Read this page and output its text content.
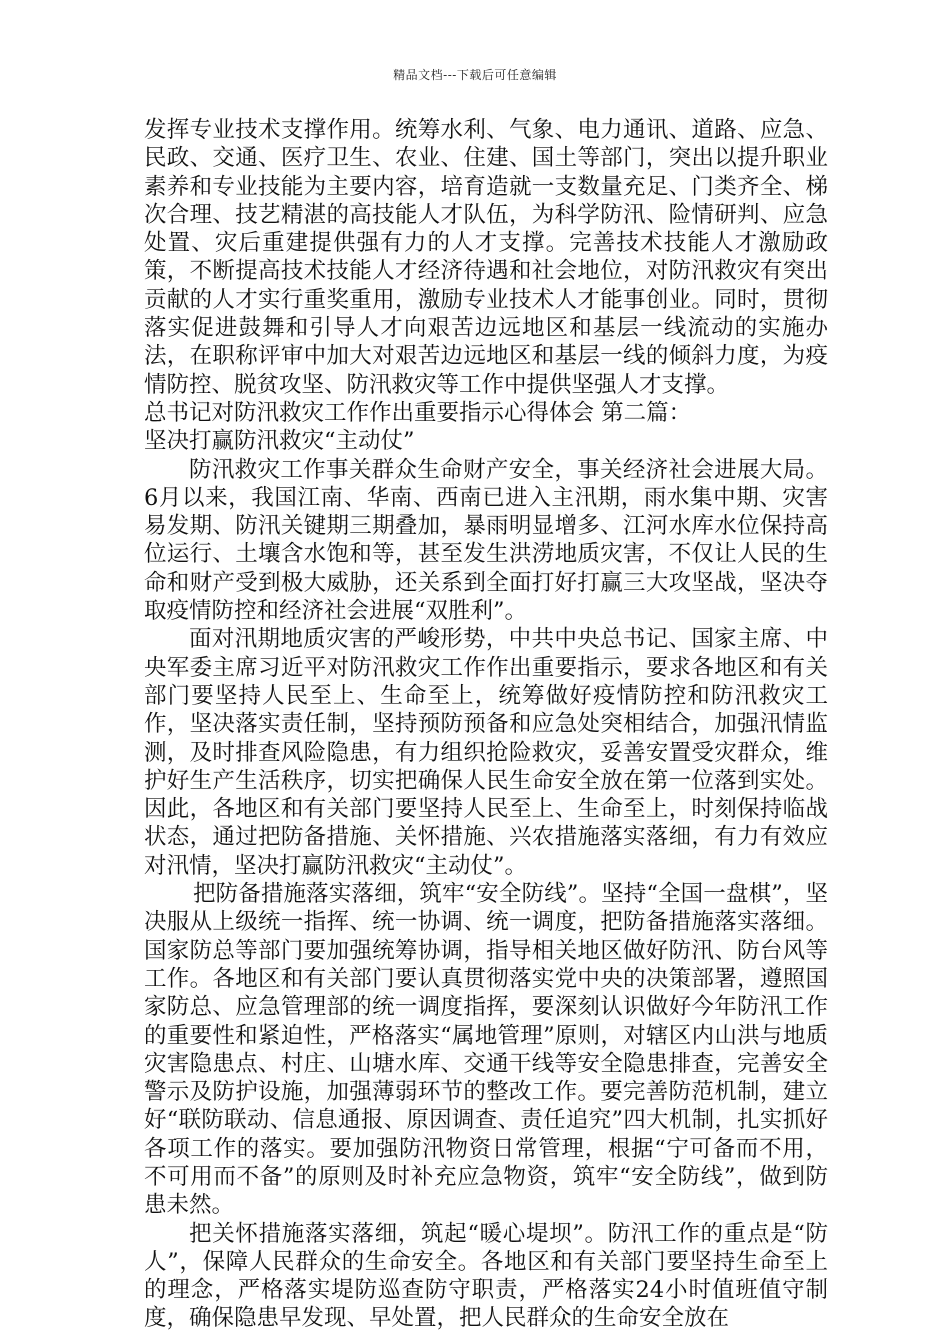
精品文档---下载后可任意编辑

发挥专业技术支撑作用。统筹水利、气象、电力通讯、道路、应急、民政、交通、医疗卫生、农业、住建、国土等部门，突出以提升职业素养和专业技能为主要内容，培育造就一支数量充足、门类齐全、梯次合理、技艺精湛的高技能人才队伍，为科学防汛、险情研判、应急处置、灾后重建提供强有力的人才支撑。完善技术技能人才激励政策，不断提高技术技能人才经济待遇和社会地位，对防汛救灾有突出贡献的人才实行重奖重用，激励专业技术人才能事创业。同时，贯彻落实促进鼓舞和引导人才向艰苦边远地区和基层一线流动的实施办法，在职称评审中加大对艰苦边远地区和基层一线的倾斜力度，为疫情防控、脱贫攻坚、防汛救灾等工作中提供坚强人才支撑。

总书记对防汛救灾工作作出重要指示心得体会 第二篇：

坚决打赢防汛救灾“主动仗”

防汛救灾工作事关群众生命财产安全，事关经济社会进展大局。6月以来，我国江南、华南、西南已进入主汛期，雨水集中期、灾害易发期、防汛关键期三期叠加，暴雨明显增多、江河水库水位保持高位运行、土壤含水饱和等，甚至发生洪涝地质灾害，不仅让人民的生命和财产受到极大威胁，还关系到全面打好打赢三大攻坚战，坚决夺取疫情防控和经济社会进展“双胜利”。

面对汛期地质灾害的严峻形势，中共中央总书记、国家主席、中央军委主席习近平对防汛救灾工作作出重要指示，要求各地区和有关部门要坚持人民至上、生命至上，统筹做好疫情防控和防汛救灾工作，坚决落实责任制，坚持预防预备和应急处突相结合，加强汛情监测，及时排查风险隐患，有力组织抢险救灾，妥善安置受灾群众，维护好生产生活秩序，切实把确保人民生命安全放在第一位落到实处。因此，各地区和有关部门要坚持人民至上、生命至上，时刻保持临战状态，通过把防备措施、关怀措施、兴农措施落实落细，有力有效应对汛情，坚决打赢防汛救灾“主动仗”。

把防备措施落实落细，筑牢“安全防线”。坚持“全国一盘棋”，坚决服从上级统一指挥、统一协调、统一调度，把防备措施落实落细。国家防总等部门要加强统筹协调，指导相关地区做好防汛、防台风等工作。各地区和有关部门要认真贯彻落实党中央的决策部署，遵照国家防总、应急管理部的统一调度指挥，要深刻认识做好今年防汛工作的重要性和紧迫性，严格落实“属地管理”原则，对辖区内山洪与地质灾害隐患点、村庄、山塘水库、交通干线等安全隐患排查，完善安全警示及防护设施，加强薄弱环节的整改工作。要完善防范机制，建立好“联防联动、信息通报、原因调查、责任追究”四大机制，扎实抓好各项工作的落实。要加强防汛物资日常管理，根据“宁可备而不用，不可用而不备”的原则及时补充应急物资，筑牢“安全防线”，做到防患未然。

把关怀措施落实落细，筑起“暖心堤坝”。防汛工作的重点是“防人”，保障人民群众的生命安全。各地区和有关部门要坚持生命至上的理念，严格落实堤防巡查防守职责，严格落实24小时值班值守制度，确保隐患早发现、早处置，把人民群众的生命安全放在
